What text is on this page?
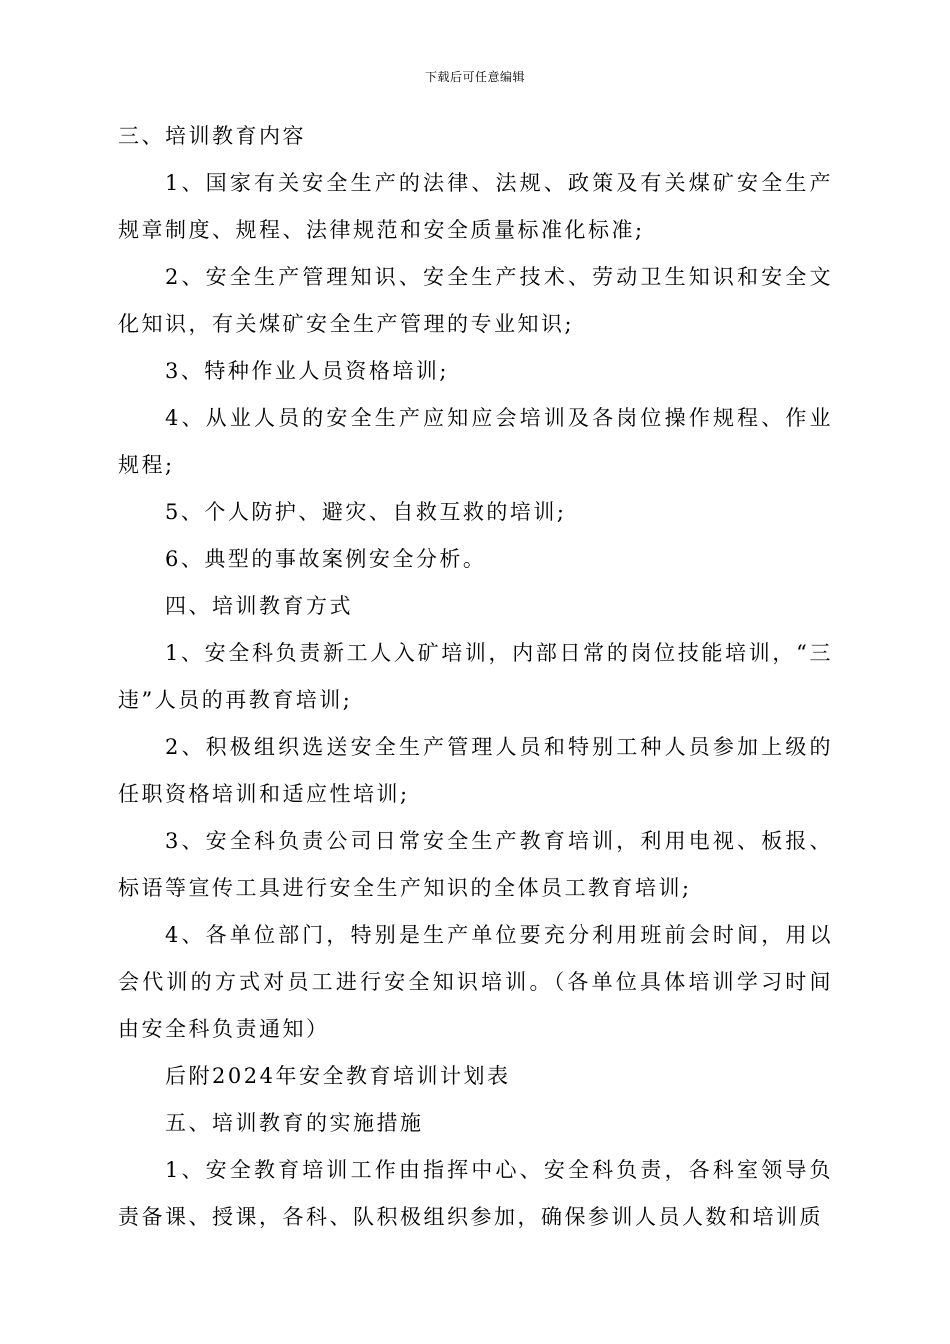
下载后可任意编辑

三、培训教育内容

1、国家有关安全生产的法律、法规、政策及有关煤矿安全生产规章制度、规程、法律规范和安全质量标准化标准;

2、安全生产管理知识、安全生产技术、劳动卫生知识和安全文化知识，有关煤矿安全生产管理的专业知识;

3、特种作业人员资格培训;

4、从业人员的安全生产应知应会培训及各岗位操作规程、作业规程;

5、个人防护、避灾、自救互救的培训;

6、典型的事故案例安全分析。

四、培训教育方式

1、安全科负责新工人入矿培训，内部日常的岗位技能培训，“三违”人员的再教育培训;

2、积极组织选送安全生产管理人员和特别工种人员参加上级的任职资格培训和适应性培训;

3、安全科负责公司日常安全生产教育培训，利用电视、板报、标语等宣传工具进行安全生产知识的全体员工教育培训;

4、各单位部门，特别是生产单位要充分利用班前会时间，用以会代训的方式对员工进行安全知识培训。（各单位具体培训学习时间由安全科负责通知）

后附2024年安全教育培训计划表

五、培训教育的实施措施

1、安全教育培训工作由指挥中心、安全科负责，各科室领导负责备课、授课，各科、队积极组织参加，确保参训人员人数和培训质
